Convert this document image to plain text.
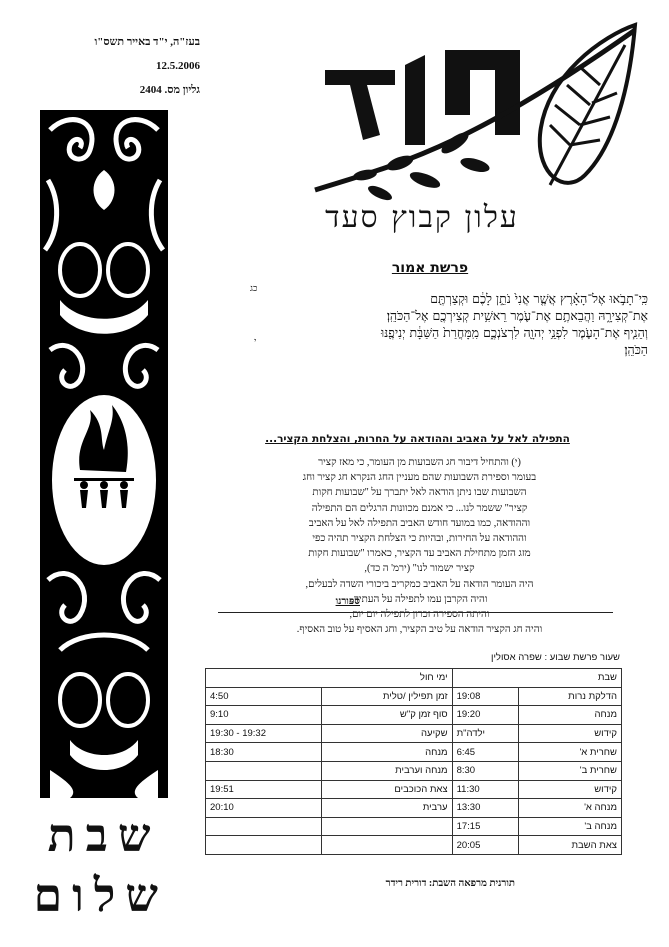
בעז"ה, י"ד באייר תשס"ו
12.5.2006
גליון מס. 2404
שבת
שלום
עלון קבוץ סעד
פרשת אמור
כג
י
כִּֽי־תָבֹ֣אוּ אֶל־הָאָ֗רֶץ אֲשֶׁ֤ר אֲנִי֙ נֹתֵ֣ן לָכֶ֔ם וּקְצַרְתֶּ֖ם
אֶת־קְצִירָ֑הּ וַהֲבֵאתֶ֥ם אֶת־עֹ֛מֶר רֵאשִׁ֥ית קְצִירְכֶ֖ם אֶל־הַכֹּהֵֽן׃
וְהֵנִ֧יף אֶת־הָעֹ֛מֶר לִפְנֵ֥י יְהוָ֖ה לִרְצֹנְכֶ֑ם מִֽמָּחֳרַת֙ הַשַּׁבָּ֔ת יְנִיפֶ֖נּוּ
הַכֹּהֵֽן׃
התפילה לאל על האביב וההודאה על החרות, והצלחת הקציר...

(י) והתחיל דיבור חג השבועות מן העומר, כי מאז קציר

בעומר וספירת השבועות שהם מעניין החג הנקרא חג קציר וחג

השבועות שבו ניתן הודאה לאל יתברך על "שבועות חקות

קציר" ששמר לנו... כי אמנם מכוונות הרגלים הם התפילה

וההודאה, כמו במועד חודש האביב התפילה לאל על האביב

וההודאה על החירות, ובהיות כי הצלחת הקציר תהיה כפי

מזג הזמן מתחילת האביב עד הקציר, כאמרו "שבועות חקות

קציר ישמור לנו" (ירמ' ה כד),

היה העומר הודאה על האביב כמקריב ביכורי השדה לבעלים,

והיה הקרבן עמו לתפילה על העתיד,

והיתה הספירה זכרון לתפילה יום יום,

והיה חג הקציר הודאה על טיב הקציר, וחג האסיף על טוב האסיף.

ספורנו
שעור פרשת שבוע : שפרה אסולין
שבת		ימי חול	
הדלקת נרות	19:08	זמן תפילין /טלית	4:50
מנחה	19:20	סוף זמן ק"ש	9:10
קידוש	ילדה"ת	שקיעה	19:30 - 19:32
שחרית א'	6:45	מנחה	18:30
שחרית ב'	8:30	מנחה וערבית	
קידוש	11:30	צאת הכוכבים	19:51
מנחה א'	13:30	ערבית	20:10
מנחה ב'	17:15		
צאת השבת	20:05		
תורנית מרפאה השבת: דורית רידר
